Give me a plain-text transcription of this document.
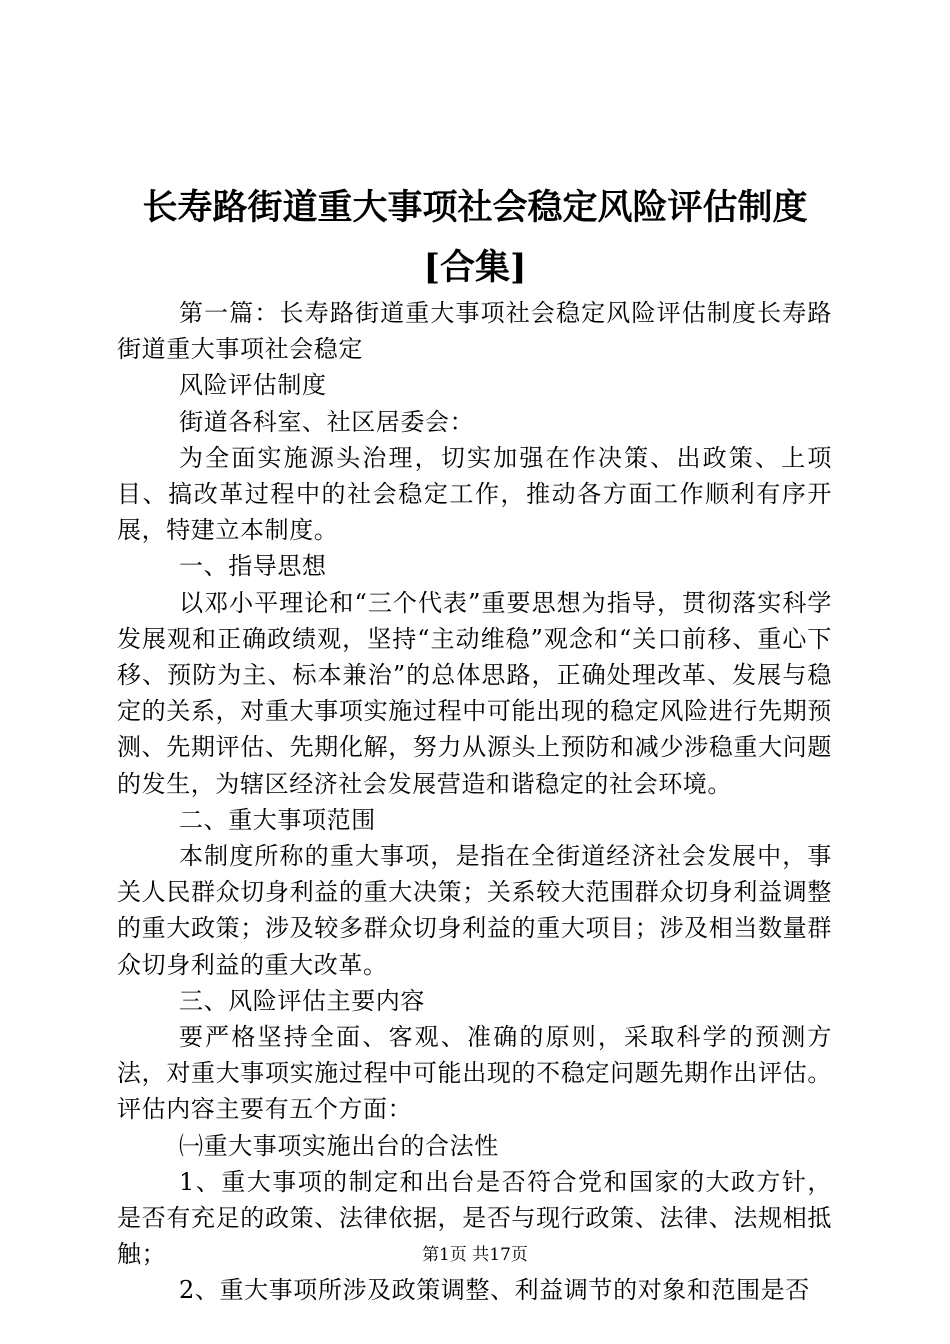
长寿路街道重大事项社会稳定风险评估制度
[合集]

第一篇：长寿路街道重大事项社会稳定风险评估制度长寿路街道重大事项社会稳定

风险评估制度

街道各科室、社区居委会：

为全面实施源头治理，切实加强在作决策、出政策、上项目、搞改革过程中的社会稳定工作，推动各方面工作顺利有序开展，特建立本制度。

一、指导思想

以邓小平理论和“三个代表”重要思想为指导，贯彻落实科学发展观和正确政绩观，坚持“主动维稳”观念和“关口前移、重心下移、预防为主、标本兼治”的总体思路，正确处理改革、发展与稳定的关系，对重大事项实施过程中可能出现的稳定风险进行先期预测、先期评估、先期化解，努力从源头上预防和减少涉稳重大问题的发生，为辖区经济社会发展营造和谐稳定的社会环境。

二、重大事项范围

本制度所称的重大事项，是指在全街道经济社会发展中，事关人民群众切身利益的重大决策；关系较大范围群众切身利益调整的重大政策；涉及较多群众切身利益的重大项目；涉及相当数量群众切身利益的重大改革。

三、风险评估主要内容

要严格坚持全面、客观、准确的原则，采取科学的预测方法，对重大事项实施过程中可能出现的不稳定问题先期作出评估。评估内容主要有五个方面：

㈠重大事项实施出台的合法性

1、重大事项的制定和出台是否符合党和国家的大政方针，是否有充足的政策、法律依据，是否与现行政策、法律、法规相抵触；

2、重大事项所涉及政策调整、利益调节的对象和范围是否

第1页 共17页
